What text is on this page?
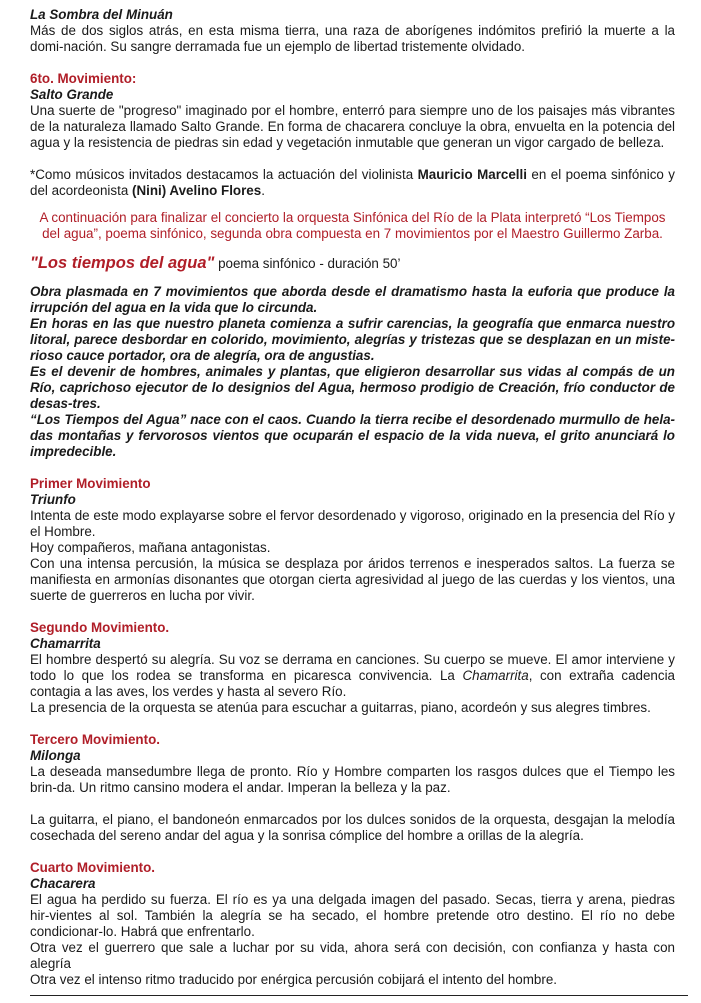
La Sombra del Minuán

Más de dos siglos atrás, en esta misma tierra, una raza de aborígenes indómitos prefirió la muerte a la domi-nación. Su sangre derramada fue un ejemplo de libertad tristemente olvidado.

6to. Movimiento:

Salto Grande

Una suerte de "progreso" imaginado por el hombre, enterró para siempre uno de los paisajes más vibrantes de la naturaleza llamado Salto Grande. En forma de chacarera concluye la obra, envuelta en la potencia del agua y la resistencia de piedras sin edad y vegetación inmutable que generan un vigor cargado de belleza.

*Como músicos invitados destacamos la actuación del violinista Mauricio Marcelli en el poema sinfónico y del acordeonista (Nini) Avelino Flores.

A continuación para finalizar el concierto la orquesta Sinfónica del Río de la Plata interpretó “Los Tiempos del agua”, poema sinfónico, segunda obra compuesta en 7 movimientos por el Maestro Guillermo Zarba.

"Los tiempos del agua" poema sinfónico - duración 50’

Obra plasmada en 7 movimientos que aborda desde el dramatismo hasta la euforia que produce la irrupción del agua en la vida que lo circunda.

En horas en las que nuestro planeta comienza a sufrir carencias, la geografía que enmarca nuestro litoral, parece desbordar en colorido, movimiento, alegrías y tristezas que se desplazan en un miste-rioso cauce portador, ora de alegría, ora de angustias.

Es el devenir de hombres, animales y plantas, que eligieron desarrollar sus vidas al compás de un Río, caprichoso ejecutor de lo designios del Agua, hermoso prodigio de Creación, frío conductor de desas-tres.

“Los Tiempos del Agua” nace con el caos. Cuando la tierra recibe el desordenado murmullo de hela-das montañas y fervorosos vientos que ocuparán el espacio de la vida nueva, el grito anunciará lo impredecible.

Primer Movimiento

Triunfo

Intenta de este modo explayarse sobre el fervor desordenado y vigoroso, originado en la presencia del Río y el Hombre.

Hoy compañeros, mañana antagonistas.

Con una intensa percusión, la música se desplaza por áridos terrenos e inesperados saltos. La fuerza se manifiesta en armonías disonantes que otorgan cierta agresividad al juego de las cuerdas y los vientos, una suerte de guerreros en lucha por vivir.

Segundo Movimiento.

Chamarrita

El hombre despertó su alegría. Su voz se derrama en canciones. Su cuerpo se mueve. El amor interviene y todo lo que los rodea se transforma en picaresca convivencia. La Chamarrita, con extraña cadencia contagia a las aves, los verdes y hasta al severo Río.

La presencia de la orquesta se atenúa para escuchar a guitarras, piano, acordeón y sus alegres timbres.

Tercero Movimiento.

Milonga

La deseada mansedumbre llega de pronto. Río y Hombre comparten los rasgos dulces que el Tiempo les brin-da. Un ritmo cansino modera el andar. Imperan la belleza y la paz.

La guitarra, el piano, el bandoneón enmarcados por los dulces sonidos de la orquesta, desgajan la melodía cosechada del sereno andar del agua y la sonrisa cómplice del hombre a orillas de la alegría.

Cuarto Movimiento.

Chacarera

El agua ha perdido su fuerza. El río es ya una delgada imagen del pasado. Secas, tierra y arena, piedras hir-vientes al sol. También la alegría se ha secado, el hombre pretende otro destino. El río no debe condicionar-lo. Habrá que enfrentarlo.

Otra vez el guerrero que sale a luchar por su vida, ahora será con decisión, con confianza y hasta con alegría

Otra vez el intenso ritmo traducido por enérgica percusión cobijará el intento del hombre.
